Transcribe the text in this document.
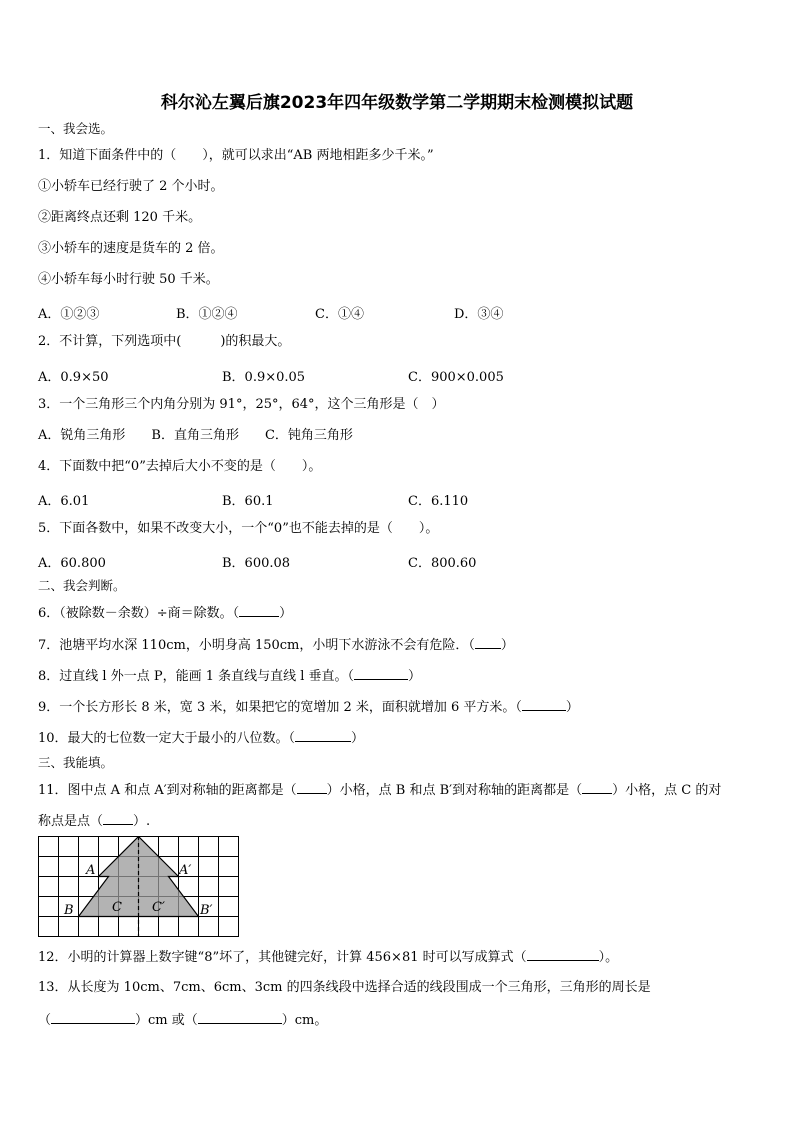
科尔沁左翼后旗2023年四年级数学第二学期期末检测模拟试题
一、我会选。
1．知道下面条件中的（　　），就可以求出“AB 两地相距多少千米。”
①小轿车已经行驶了 2 个小时。
②距离终点还剩 120 千米。
③小轿车的速度是货车的 2 倍。
④小轿车每小时行驶 50 千米。
A．①②③	B．①②④	C．①④	D．③④
2．不计算，下列选项中(　　　)的积最大。
A．0.9×50	B．0.9×0.05	C．900×0.005
3．一个三角形三个内角分别为 91°，25°，64°，这个三角形是（　）
A．锐角三角形　　B．直角三角形　　C．钝角三角形
4．下面数中把“0”去掉后大小不变的是（　　）。
A．6.01	B．60.1	C．6.110
5．下面各数中，如果不改变大小，一个“0”也不能去掉的是（　　）。
A．60.800	B．600.08	C．800.60
二、我会判断。
6．（被除数－余数）÷商＝除数。（	）
7．池塘平均水深 110cm，小明身高 150cm，小明下水游泳不会有危险．（ ）
8．过直线 l 外一点 P，能画 1 条直线与直线 l 垂直。（	）
9．一个长方形长 8 米，宽 3 米，如果把它的宽增加 2 米，面积就增加 6 平方米。（	）
10．最大的七位数一定大于最小的八位数。（	）
三、我能填。
11．图中点 A 和点 A′到对称轴的距离都是（ ）小格，点 B 和点 B′到对称轴的距离都是（ ）小格，点 C 的对
称点是点（ ）.
A	A′
B	B′
C C′
12．小明的计算器上数字键“8”坏了，其他键完好，计算 456×81 时可以写成算式（	）。
13．从长度为 10cm、7cm、6cm、3cm 的四条线段中选择合适的线段围成一个三角形，三角形的周长是
（	）cm 或（	）cm。
